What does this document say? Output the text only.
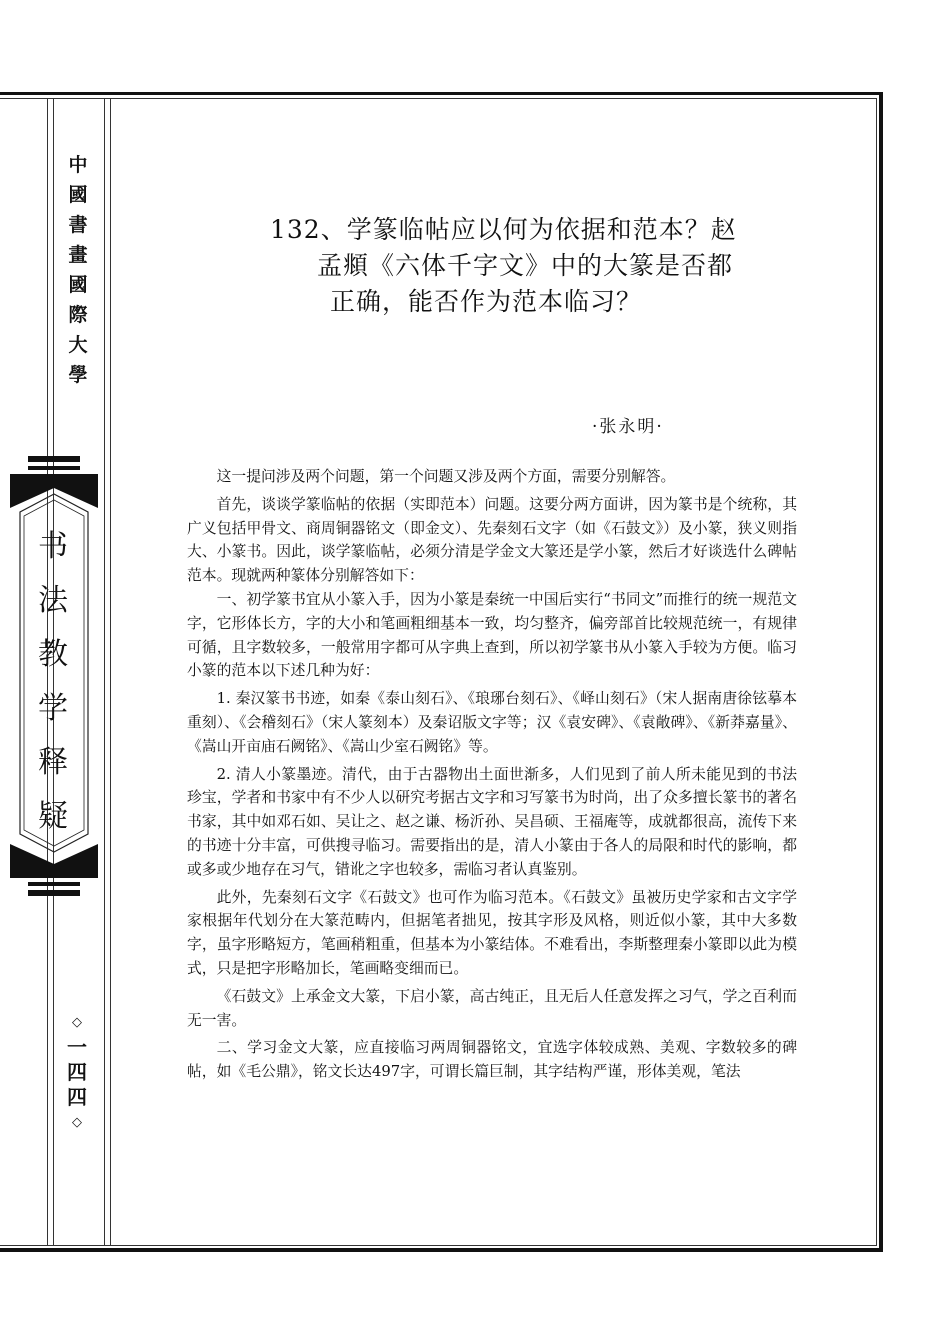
中
國
書
畫
國
際
大
學
书
法
教
学
释
疑
◇
一
四
四
◇
132、学篆临帖应以何为依据和范本？赵
孟頫《六体千字文》中的大篆是否都
正确，能否作为范本临习？
·张永明·

这一提问涉及两个问题，第一个问题又涉及两个方面，需要分别解答。

首先，谈谈学篆临帖的依据（实即范本）问题。这要分两方面讲，因为篆书是个统称，其广义包括甲骨文、商周铜器铭文（即金文）、先秦刻石文字（如《石鼓文》）及小篆，狭义则指大、小篆书。因此，谈学篆临帖，必须分清是学金文大篆还是学小篆，然后才好谈选什么碑帖范本。现就两种篆体分别解答如下：

一、初学篆书宜从小篆入手，因为小篆是秦统一中国后实行“书同文”而推行的统一规范文字，它形体长方，字的大小和笔画粗细基本一致，均匀整齐，偏旁部首比较规范统一，有规律可循，且字数较多，一般常用字都可从字典上查到，所以初学篆书从小篆入手较为方便。临习小篆的范本以下述几种为好：

1. 秦汉篆书书迹，如秦《泰山刻石》、《琅琊台刻石》、《峄山刻石》（宋人据南唐徐铉摹本重刻）、《会稽刻石》（宋人篆刻本）及秦诏版文字等；汉《袁安碑》、《袁敞碑》、《新莽嘉量》、《嵩山开亩庙石阙铭》、《嵩山少室石阙铭》等。

2. 清人小篆墨迹。清代，由于古器物出土面世渐多，人们见到了前人所未能见到的书法珍宝，学者和书家中有不少人以研究考据古文字和习写篆书为时尚，出了众多擅长篆书的著名书家，其中如邓石如、吴让之、赵之谦、杨沂孙、吴昌硕、王福庵等，成就都很高，流传下来的书迹十分丰富，可供搜寻临习。需要指出的是，清人小篆由于各人的局限和时代的影响，都或多或少地存在习气，错讹之字也较多，需临习者认真鉴别。

此外，先秦刻石文字《石鼓文》也可作为临习范本。《石鼓文》虽被历史学家和古文字学家根据年代划分在大篆范畴内，但据笔者拙见，按其字形及风格，则近似小篆，其中大多数字，虽字形略短方，笔画稍粗重，但基本为小篆结体。不难看出，李斯整理秦小篆即以此为模式，只是把字形略加长，笔画略变细而已。

《石鼓文》上承金文大篆，下启小篆，高古纯正，且无后人任意发挥之习气，学之百利而无一害。

二、学习金文大篆，应直接临习两周铜器铭文，宜选字体较成熟、美观、字数较多的碑帖，如《毛公鼎》，铭文长达497字，可谓长篇巨制，其字结构严谨，形体美观，笔法
